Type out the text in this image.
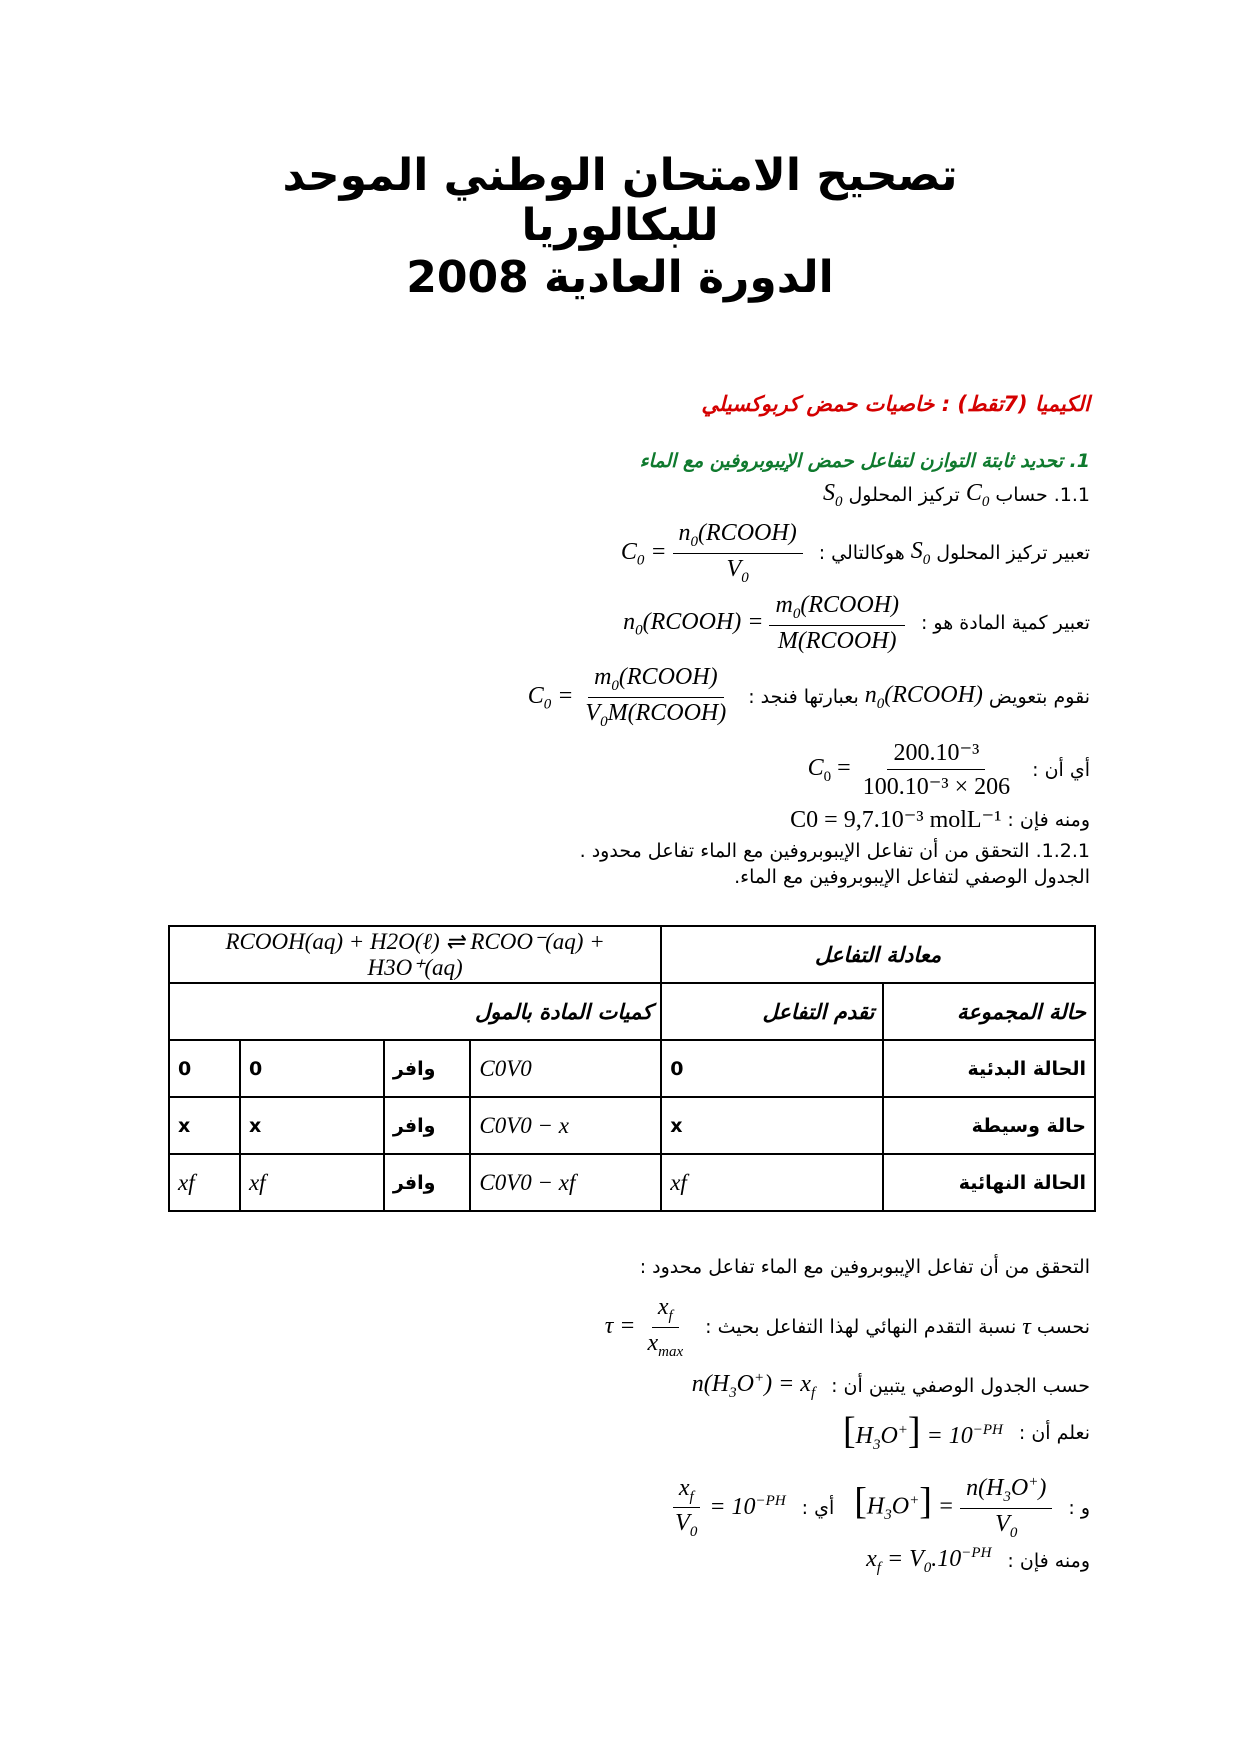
تصحيح الامتحان الوطني الموحد
للبكالوريا
الدورة العادية 2008
الكيميا (7تقط) : خاصيات حمض كربوكسيلي
1. تحديد ثابتة التوازن لتفاعل حمض الإيبوبروفين مع الماء
1.1. حساب
$C_0$
تركيز المحلول
$S_0$
تعبير تركيز المحلول
$S_0$
هوكالتالي :
$C_0 = \frac{n_0(RCOOH)}{V_0}$
تعبير كمية المادة هو :
$n_0(RCOOH) = \frac{m_0(RCOOH)}{\text{M(RCOOH)}}$
نقوم بتعويض
$n_0(RCOOH)$
بعبارتها فنجد :
$C_0 = \frac{m_0(RCOOH)}{V_0M(RCOOH)}$
أي أن :
$C_0 = \frac{\text{200.10⁻³}}{\text{100.10⁻³ × 206}}$
ومنه فإن :
C0 = 9,7.10⁻³ molL⁻¹
1.2.1. التحقق من أن تفاعل الإيبوبروفين مع الماء تفاعل محدود .
الجدول الوصفي لتفاعل الإيبوبروفين مع الماء.
معادلة التفاعل		RCOOH(aq) + H2O(ℓ) ⇌ RCOO⁻(aq) + H3O⁺(aq)			
حالة المجموعة	تقدم التفاعل	كميات المادة بالمول			
الحالة البدئية	0	C0V0	وافر	0	0
حالة وسيطة	x	C0V0 − x	وافر	x	x
الحالة النهائية	xf	C0V0 − xf	وافر	xf	xf
التحقق من أن تفاعل الإيبوبروفين مع الماء تفاعل محدود :
نحسب
τ
نسبة التقدم النهائي لهذا التفاعل بحيث :
$\tau = \frac{x_f}{x_{max}}$
حسب الجدول الوصفي يتبين أن :
$n(H_3O^+) = x_f$
نعلم أن :
$[H_3O^+] = 10^{-PH}$
و :
$[H_3O^+] = \frac{n(H_3O^+)}{V_0}$
أي :
$\frac{x_f}{V_0} = 10^{-PH}$
ومنه فإن :
$x_f = V_0.10^{-PH}$
